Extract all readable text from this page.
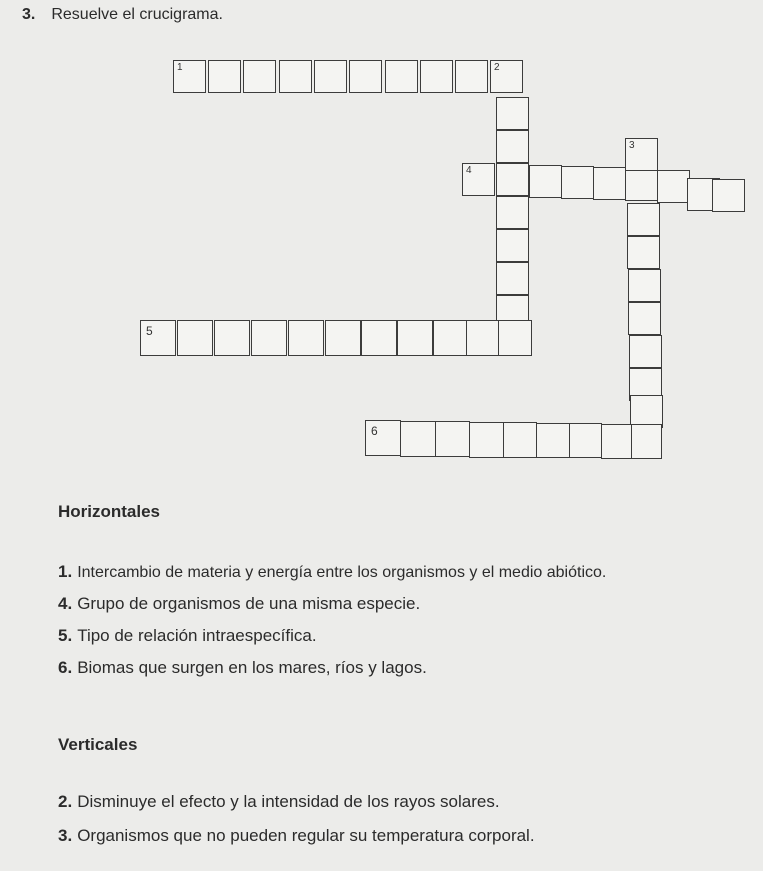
3. Resuelve el crucigrama.
1	2
4
3
5
6
Horizontales
1. Intercambio de materia y energía entre los organismos y el medio abiótico.
4. Grupo de organismos de una misma especie.
5. Tipo de relación intraespecífica.
6. Biomas que surgen en los mares, ríos y lagos.
Verticales
2. Disminuye el efecto y la intensidad de los rayos solares.
3. Organismos que no pueden regular su temperatura corporal.
